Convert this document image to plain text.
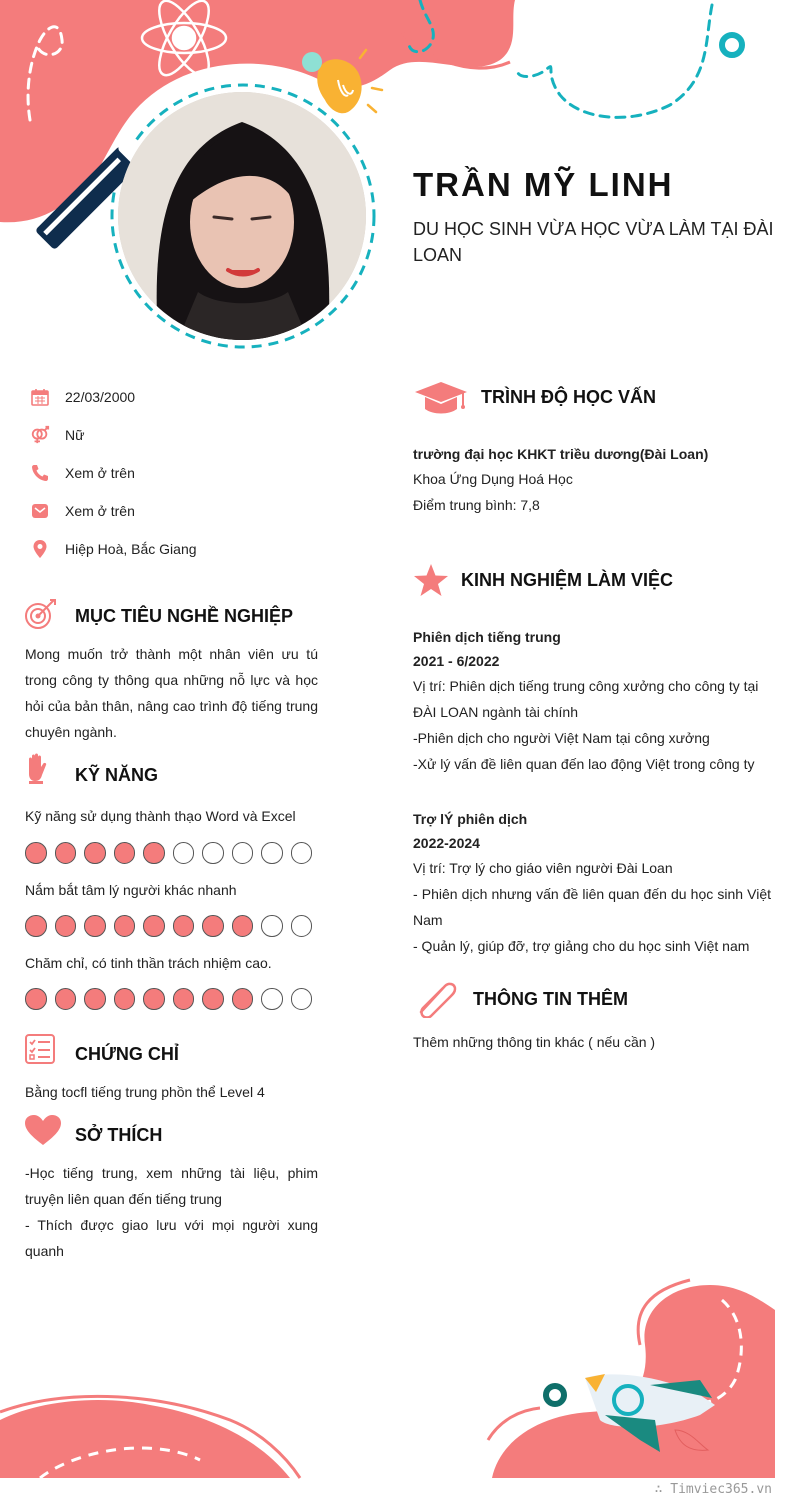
TRẦN MỸ LINH
DU HỌC SINH VỪA HỌC VỪA LÀM TẠI ĐÀI LOAN
22/03/2000
Nữ
Xem ở trên
Xem ở trên
Hiệp Hoà, Bắc Giang
MỤC TIÊU NGHỀ NGHIỆP
Mong muốn trở thành một nhân viên ưu tú trong công ty thông qua những nỗ lực và học hỏi của bản thân, nâng cao trình độ tiếng trung chuyên ngành.
KỸ NĂNG
Kỹ năng sử dụng thành thạo Word và Excel
Nắm bắt tâm lý người khác nhanh
Chăm chỉ, có tinh thần trách nhiệm cao.
CHỨNG CHỈ
Bằng tocfl tiếng trung phồn thể Level 4
SỞ THÍCH
-Học tiếng trung, xem những tài liệu, phim truyện liên quan đến tiếng trung
- Thích được giao lưu với mọi người xung quanh
TRÌNH ĐỘ HỌC VẤN
trường đại học KHKT triều dương(Đài Loan)
Khoa Ứng Dụng Hoá Học
Điểm trung bình: 7,8
KINH NGHIỆM LÀM VIỆC
Phiên dịch tiếng trung
2021 - 6/2022
Vị trí: Phiên dịch tiếng trung công xưởng cho công ty tại ĐÀI LOAN ngành tài chính
-Phiên dịch cho người Việt Nam tại công xưởng
-Xử lý vấn đề liên quan đến lao động Việt trong công ty
Trợ lÝ phiên dịch
2022-2024
Vị trí: Trợ lý cho giáo viên người Đài Loan
- Phiên dịch nhưng vấn đề liên quan đến du học sinh Việt Nam
- Quản lý, giúp đỡ, trợ giảng cho du học sinh Việt nam
THÔNG TIN THÊM
Thêm những thông tin khác ( nếu cần )
∴ Timviec365.vn
